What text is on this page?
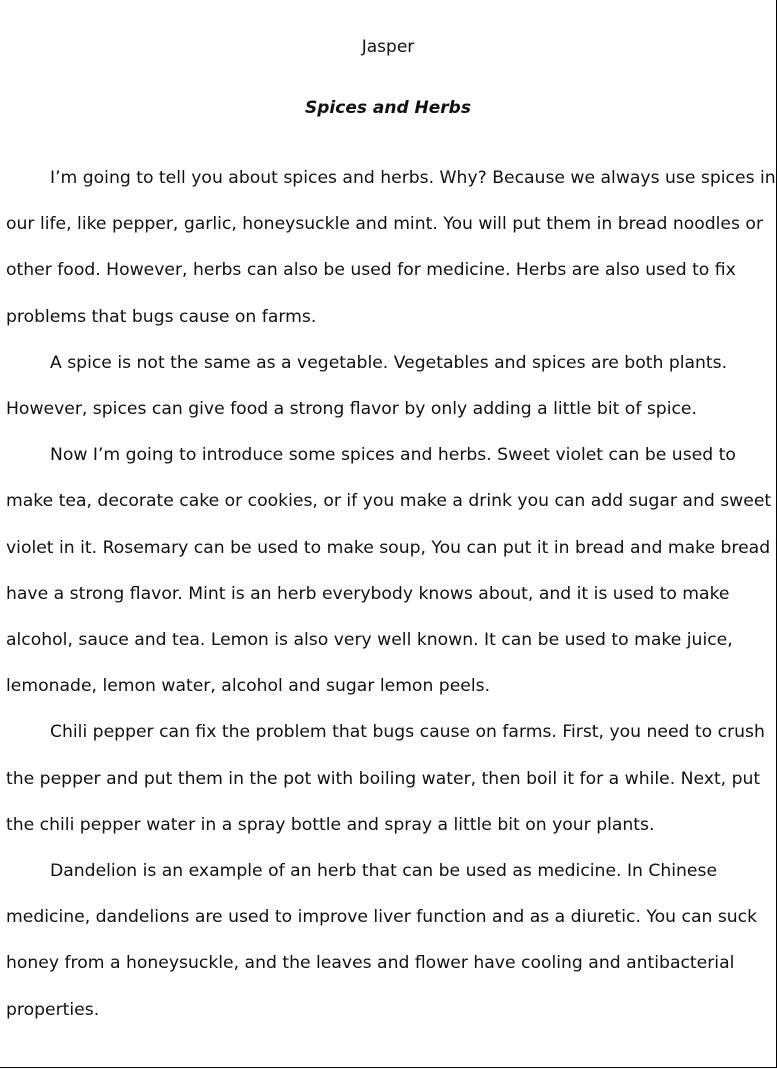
Jasper
Spices and Herbs

I’m going to tell you about spices and herbs. Why? Because we always use spices in our life, like pepper, garlic, honeysuckle and mint. You will put them in bread noodles or other food. However, herbs can also be used for medicine. Herbs are also used to fix problems that bugs cause on farms.

A spice is not the same as a vegetable. Vegetables and spices are both plants. However, spices can give food a strong flavor by only adding a little bit of spice.

Now I’m going to introduce some spices and herbs. Sweet violet can be used to make tea, decorate cake or cookies, or if you make a drink you can add sugar and sweet violet in it. Rosemary can be used to make soup, You can put it in bread and make bread have a strong flavor. Mint is an herb everybody knows about, and it is used to make alcohol, sauce and tea. Lemon is also very well known. It can be used to make juice, lemonade, lemon water, alcohol and sugar lemon peels.

Chili pepper can fix the problem that bugs cause on farms. First, you need to crush the pepper and put them in the pot with boiling water, then boil it for a while. Next, put the chili pepper water in a spray bottle and spray a little bit on your plants.

Dandelion is an example of an herb that can be used as medicine. In Chinese medicine, dandelions are used to improve liver function and as a diuretic. You can suck honey from a honeysuckle, and the leaves and flower have cooling and antibacterial properties.
